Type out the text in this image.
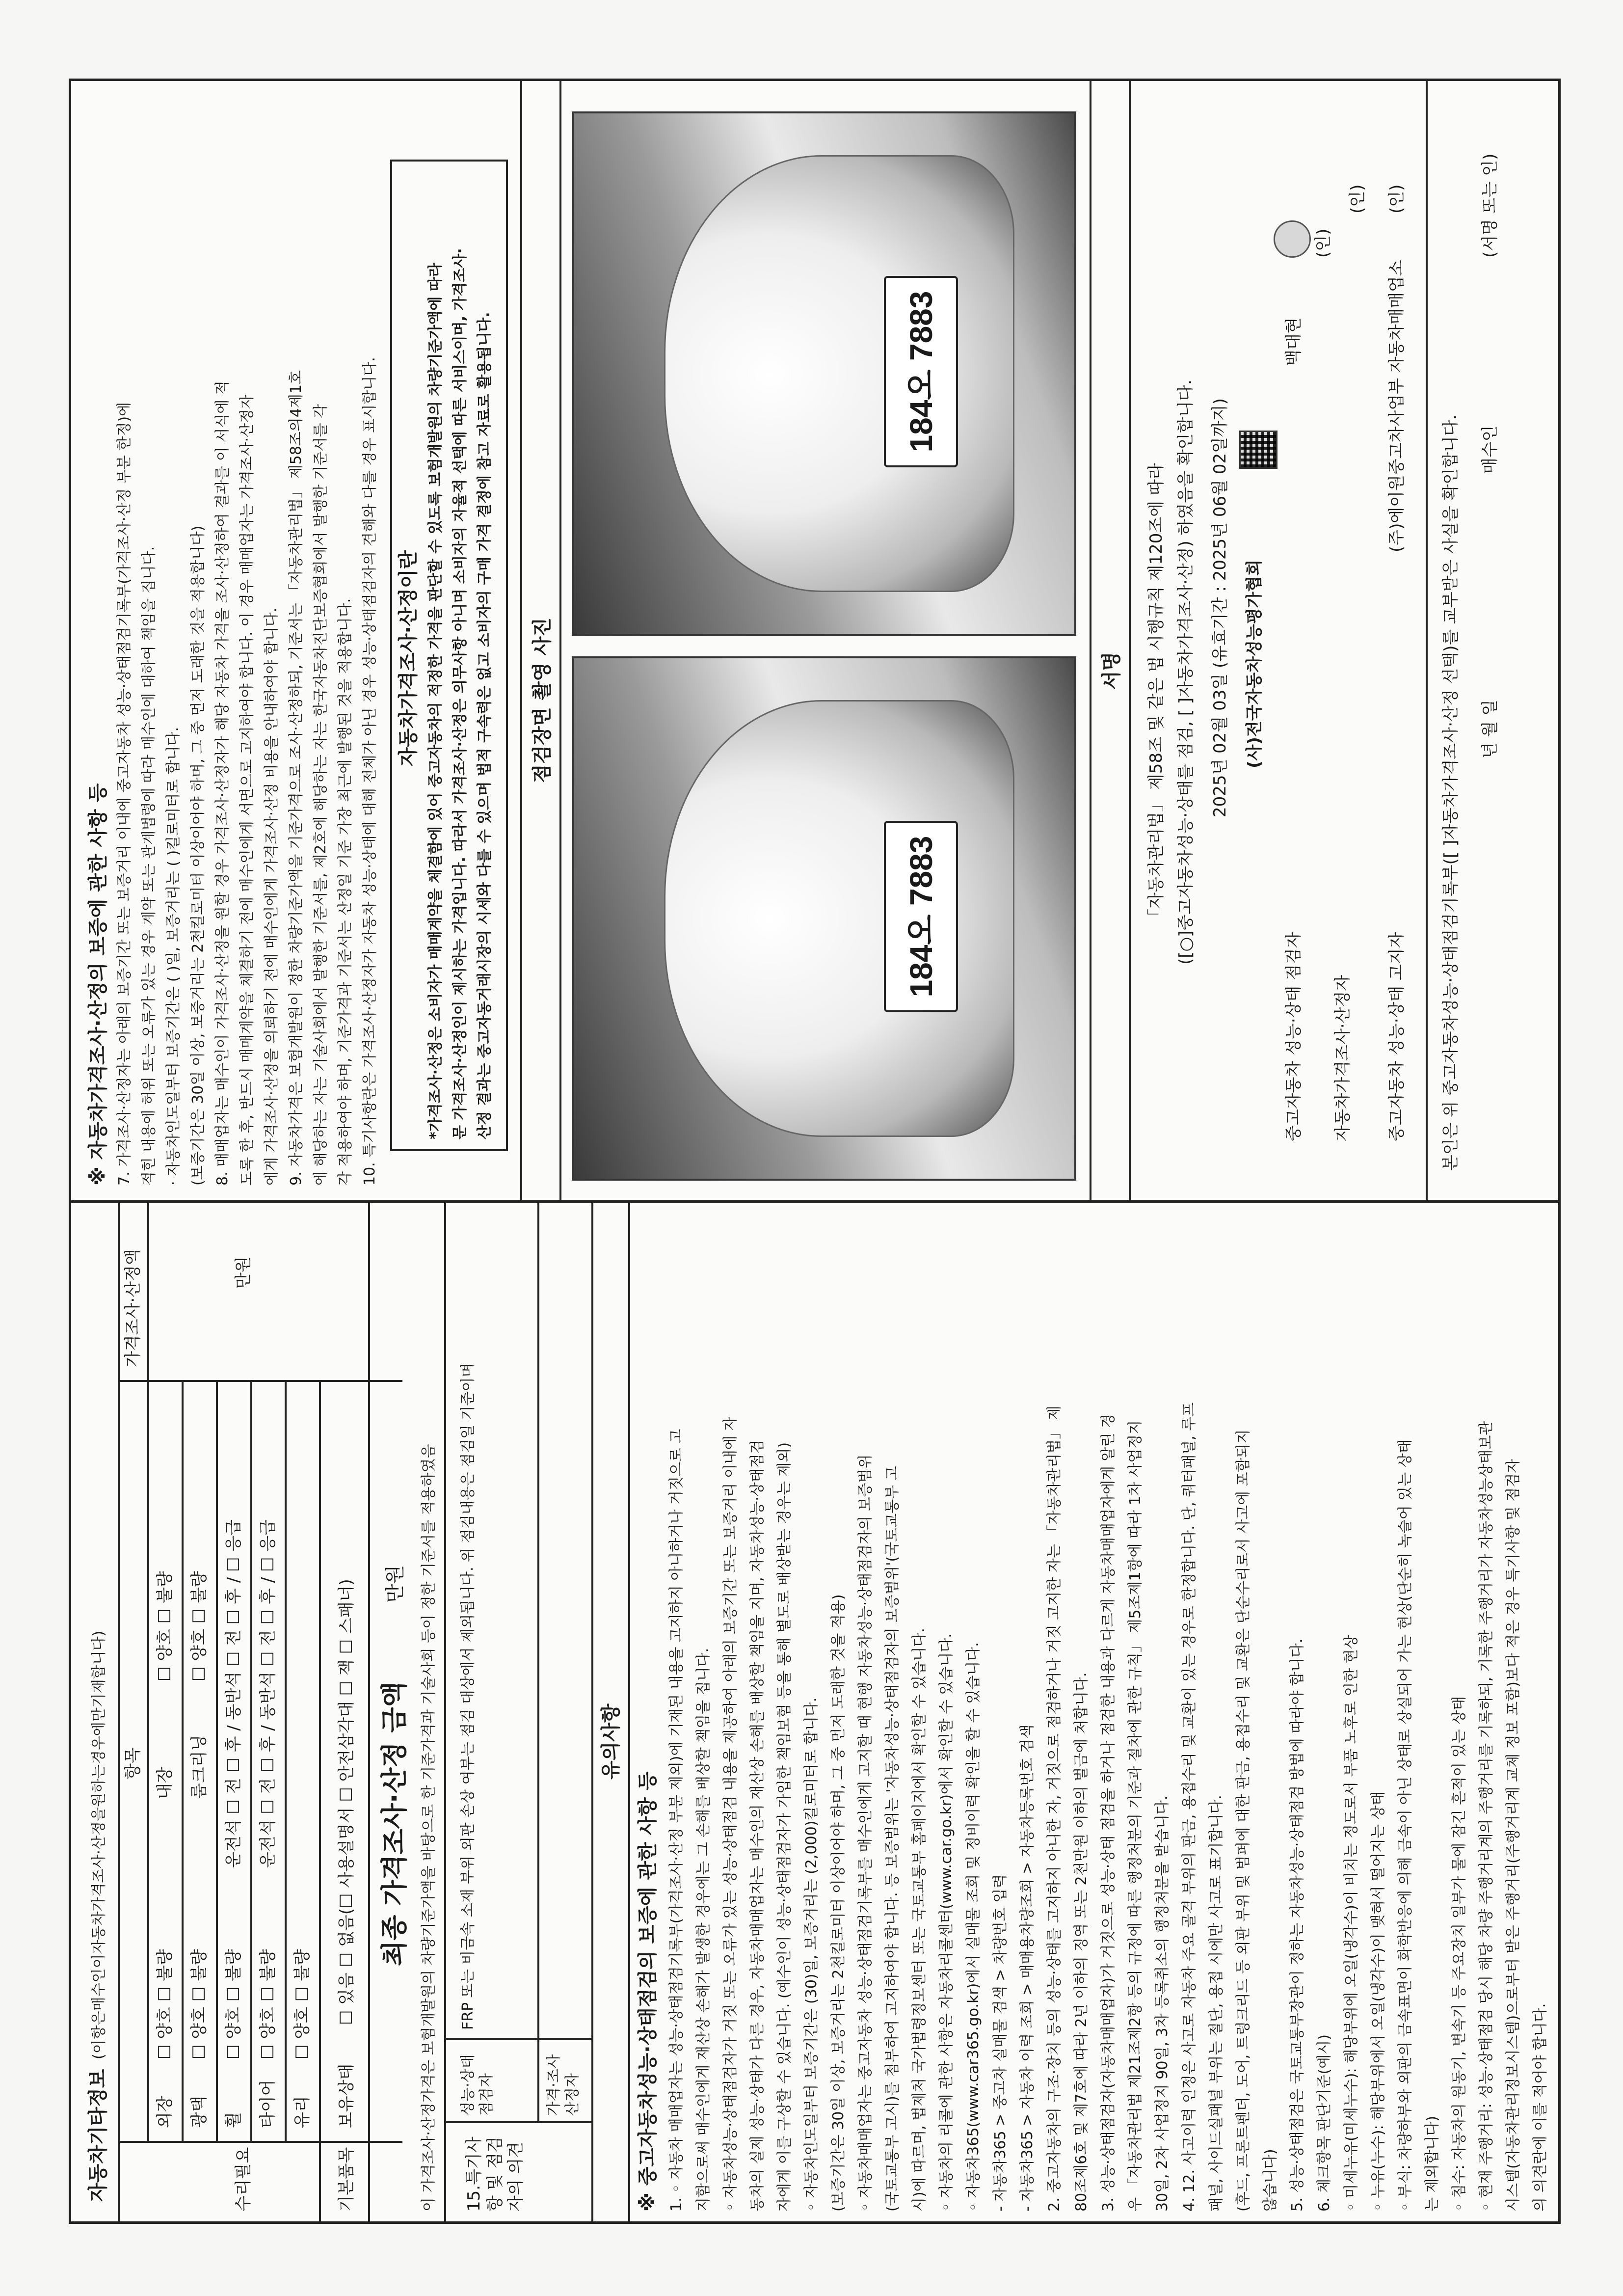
자동차기타정보
(이항은매수인이자동차가격조사·산정을원하는경우에만기재합니다) 항목
가격조사·산정액
수리필요
외장
☐ 양호 ☐ 불량
내장
☐ 양호 ☐ 불량
광택
☐ 양호 ☐ 불량
룸크리닝
☐ 양호 ☐ 불량
휠
☐ 양호 ☐ 불량
운전석 ☐ 전 ☐ 후 / 동반석 ☐ 전 ☐ 후 / ☐ 응급
타이어
☐ 양호 ☐ 불량
운전석 ☐ 전 ☐ 후 / 동반석 ☐ 전 ☐ 후 / ☐ 응급
유리
☐ 양호 ☐ 불량
기본품목
보유상태
☐ 있음 ☐ 없음(☐ 사용설명서 ☐ 안전삼각대 ☐ 잭 ☐ 스패너)
만원
최종 가격조사·산정 금액
만원 이 가격조사·산정가격은 보험개발원의 차량기준가액을 바탕으로 한 기준가격과 기술사회 등이 정한 기준서를 적용하였음 15.특기사항 및 점검자의 의견
성능·상태 점검자
FRP 또는 비금속 소재 부위 외판 손상 여부는 점검 대상에서 제외됩니다. 위 점검내용은 점검일 기준이며
가격·조사 산정자
유의사항
※ 중고자동차성능·상태점검의 보증에 관한 사항 등 1. ◦ 자동차 매매업자는 성능·상태점검기록부(가격조사·산정 부분 제외)에 기재된 내용을 고지하지 아니하거나 거짓으로 고 지함으로써 매수인에게 재산상 손해가 발생한 경우에는 그 손해를 배상할 책임을 집니다. ◦ 자동차성능·상태점검자가 거짓 또는 오류가 있는 성능·상태점검 내용을 제공하여 아래의 보증기간 또는 보증거리 이내에 자 동차의 실제 성능·상태가 다른 경우, 자동차매매업자는 매수인의 재산상 손해를 배상할 책임을 지며, 자동차성능·상태점검 자에게 이를 구상할 수 있습니다. (예수인이 성능·상태점검자가 가입한 책임보험 등을 통해 별도로 배상받는 경우는 제외) ◦ 자동차인도일부터 보증기간은 (30)일, 보증거리는 (2,000)킬로미터로 합니다. (보증기간은 30일 이상, 보증거리는 2천킬로미터 이상이어야 하며, 그 중 먼저 도래한 것을 적용) ◦ 자동차매매업자는 중고자동차 성능·상태점검기록부를 매수인에게 고지할 때 현행 자동차성능·상태점검자의 보증범위 (국토교통부 고시)를 첨부하여 고지하여야 합니다. 등 보증범위는 '자동차성능·상태점검자의 보증범위'(국토교통부 고 시)에 따르며, 법제처 국가법령정보센터 또는 국토교통부 홈페이지에서 확인할 수 있습니다. ◦ 자동차의 리콜에 관한 사항은 자동차리콜센터(www.car.go.kr)에서 확인할 수 있습니다. ◦ 자동차365(www.car365.go.kr)에서 실매물 조회 및 정비이력 확인을 할 수 있습니다. - 자동차365 > 중고차 실매물 검색 > 차량번호 입력 - 자동차365 > 자동차 이력 조회 > 매매용차량조회 > 자동차등록번호 검색 2. 중고자동차의 구조·장치 등의 성능·상태를 고지하지 아니한 자, 거짓으로 점검하거나 거짓 고지한 자는 「자동차관리법」 제 80조제6호 및 제7호에 따라 2년 이하의 징역 또는 2천만원 이하의 벌금에 처합니다. 3. 성능·상태점검자(자동차매매업자)가 거짓으로 성능·상태 점검을 하거나 점검한 내용과 다르게 자동차매매업자에게 알린 경 우 「자동차관리법 제21조제2항 등의 규정에 따른 행정처분의 기준과 절차에 관한 규칙」 제5조제1항에 따라 1차 사업정지 30일, 2차 사업정지 90일, 3차 등록취소의 행정처분을 받습니다. 4. 12. 사고이력 인정은 사고로 자동차 주요 골격 부위의 판금, 용접수리 및 교환이 있는 경우로 한정합니다. 단, 쿼터패널, 루프 패널, 사이드실패널 부위는 절단, 용접 시에만 사고로 표기합니다. (후드, 프론트펜더, 도어, 트렁크리드 등 외판 부위 및 범퍼에 대한 판금, 용접수리 및 교환은 단순수리로서 사고에 포함되지 않습니다) 5. 성능·상태점검은 국토교통부장관이 정하는 자동차성능·상태점검 방법에 따라야 합니다. 6. 체크항목 판단기준(예시) ◦ 미세누유(미세누수): 해당부위에 오일(냉각수)이 비치는 정도로서 부품 노후로 인한 현상 ◦ 누유(누수): 해당부위에서 오일(냉각수)이 맺혀서 떨어지는 상태 ◦ 부식: 차량하부와 외판의 금속표면이 화학반응에 의해 금속이 아닌 상태로 상실되어 가는 현상(단순히 녹슬어 있는 상태 는 제외합니다) ◦ 침수: 자동차의 원동기, 변속기 등 주요장치 일부가 물에 잠긴 흔적이 있는 상태 ◦ 현재 주행거리: 성능·상태점검 당시 해당 차량 주행거리계의 주행거리를 기록하되, 기록한 주행거리가 자동차성능상태보관 시스템(자동차관리정보시스템)으로부터 받은 주행거리(주행거리계 교체 정보 포함)보다 적은 경우 특기사항 및 점검자 의 의견란에 이를 적어야 합니다.
※ 자동차가격조사·산정의 보증에 관한 사항 등 7. 가격조사·산정자는 아래의 보증기간 또는 보증거리 이내에 중고자동차 성능·상태점검기록부(가격조사·산정 부분 한정)에 적힌 내용에 허위 또는 오류가 있는 경우 계약 또는 관계법령에 따라 매수인에 대하여 책임을 집니다. · 자동차인도일부터 보증기간은 ( )일, 보증거리는 ( )킬로미터로 합니다. (보증기간은 30일 이상, 보증거리는 2천킬로미터 이상이어야 하며, 그 중 먼저 도래한 것을 적용합니다) 8. 매매업자는 매수인이 가격조사·산정을 원할 경우 가격조사·산정자가 해당 자동차 가격을 조사·산정하여 결과를 이 서식에 적 도록 한 후, 반드시 매매계약을 체결하기 전에 매수인에게 서면으로 고지하여야 합니다. 이 경우 매매업자는 가격조사·산정자 에게 가격조사·산정을 의뢰하기 전에 매수인에게 가격조사·산정 비용을 안내하여야 합니다. 9. 자동차가격은 보험개발원이 정한 차량기준가액을 기준가격으로 조사·산정하되, 기준서는 「자동차관리법」 제58조의4제1호 에 해당하는 자는 기술사회에서 발행한 기준서를, 제2호에 해당하는 자는 한국자동차진단보증협회에서 발행한 기준서를 각 각 적용하여야 하며, 기준가격과 기준서는 산정일 기준 가장 최근에 발행된 것을 적용합니다. 10. 특기사항란은 가격조사·산정자가 자동차 성능·상태에 대해 전체가 아닌 경우 성능·상태점검자의 견해와 다를 경우 표시합니다. 자동차가격조사·산정이란 *가격조사·산정은 소비자가 매매계약을 체결함에 있어 중고자동차의 적정한 가격을 판단할 수 있도록 보험개발원의 차량기준가액에 따라 문 가격조사·산정인이 제시하는 가격입니다. 따라서 가격조사·산정은 의무사항 아니며 소비자의 자율적 선택에 따른 서비스이며, 가격조사· 산정 결과는 중고자동거래시장의 시세와 다를 수 있으며 법적 구속력은 없고 소비자의 구매 가격 결정에 참고 자료로 활용됩니다. 점검장면 촬영 사진
184오 7883
184오 7883
서명 「자동차관리법」 제58조 및 같은 법 시행규칙 제120조에 따라 ([○]중고자동차성능·상태를 점검, [ ]자동차가격조사·산정) 하였음을 확인합니다. 2025년 02월 03일 (유효기간 : 2025년 06월 02일까지) (사)전국자동차성능평가협회
중고자동차 성능·상태 점검자
백대현
(인)
자동차가격조사·산정자
(인)
중고자동차 성능·상태 고지자
(주)에이원중고차사업부 자동차매매업소
(인)
본인은 위 중고자동차성능·상태점검기록부([ ]자동차가격조사·산정 선택)를 교부받은 사실을 확인합니다. 년 월 일
매수인
(서명 또는 인)
